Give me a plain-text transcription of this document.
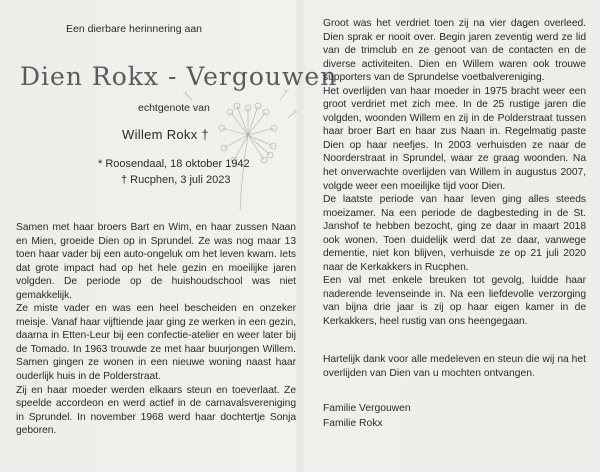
Een dierbare herinnering aan
Dien Rokx - Vergouwen
echtgenote van
Willem Rokx †
* Roosendaal, 18 oktober 1942
† Rucphen, 3 juli 2023

Samen met haar broers Bart en Wim, en haar zussen Naan en Mien, groeide Dien op in Sprundel. Ze was nog maar 13 toen haar vader bij een auto-ongeluk om het leven kwam. Iets dat grote impact had op het hele gezin en moeilijke jaren volgden. De periode op de huishoudschool was niet gemakkelijk.

Ze miste vader en was een heel bescheiden en onzeker meisje. Vanaf haar vijftiende jaar ging ze werken in een gezin, daarna in Etten-Leur bij een confectie-atelier en weer later bij de Tomado. In 1963 trouwde ze met haar buurjongen Willem. Samen gingen ze wonen in een nieuwe woning naast haar ouderlijk huis in de Polderstraat.

Zij en haar moeder werden elkaars steun en toeverlaat. Ze speelde accordeon en werd actief in de carnavalsvereniging in Sprundel. In november 1968 werd haar dochtertje Sonja geboren.

Groot was het verdriet toen zij na vier dagen overleed. Dien sprak er nooit over. Begin jaren zeventig werd ze lid van de trimclub en ze genoot van de contacten en de diverse activiteiten. Dien en Willem waren ook trouwe supporters van de Sprundelse voetbalvereniging.

Het overlijden van haar moeder in 1975 bracht weer een groot verdriet met zich mee. In de 25 rustige jaren die volgden, woonden Willem en zij in de Polderstraat tussen haar broer Bart en haar zus Naan in. Regelmatig paste Dien op haar neefjes. In 2003 verhuisden ze naar de Noorderstraat in Sprundel, waar ze graag woonden. Na het onverwachte overlijden van Willem in augustus 2007, volgde weer een moeilijke tijd voor Dien.

De laatste periode van haar leven ging alles steeds moeizamer. Na een periode de dagbesteding in de St. Janshof te hebben bezocht, ging ze daar in maart 2018 ook wonen. Toen duidelijk werd dat ze daar, vanwege dementie, niet kon blijven, verhuisde ze op 21 juli 2020 naar de Kerkakkers in Rucphen.

Een val met enkele breuken tot gevolg, luidde haar naderende levenseinde in. Na een liefdevolle verzorging van bijna drie jaar is zij op haar eigen kamer in de Kerkakkers, heel rustig van ons heengegaan.

Hartelijk dank voor alle medeleven en steun die wij na het overlijden van Dien van u mochten ontvangen.

Familie Vergouwen
Familie Rokx
